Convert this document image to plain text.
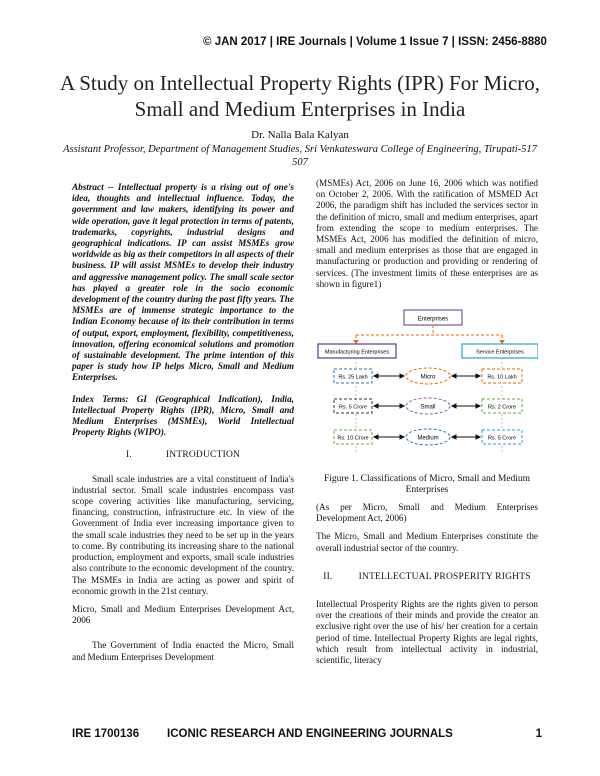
© JAN 2017 | IRE Journals | Volume 1 Issue 7 | ISSN: 2456-8880
A Study on Intellectual Property Rights (IPR) For Micro, Small and Medium Enterprises in India
Dr. Nalla Bala Kalyan
Assistant Professor, Department of Management Studies, Sri Venkateswara College of Engineering, Tirupati-517 507

Abstract -- Intellectual property is a rising out of one's idea, thoughts and intellectual influence. Today, the government and law makers, identifying its power and wide operation, gave it legal protection in terms of patents, trademarks, copyrights, industrial designs and geographical indications. IP can assist MSMEs grow worldwide as big as their competitors in all aspects of their business. IP will assist MSMEs to develop their industry and aggressive management policy. The small scale sector has played a greater role in the socio economic development of the country during the past fifty years. The MSMEs are of immense strategic importance to the Indian Economy because of its their contribution in terms of output, export, employment, flexibility, competitiveness, innovation, offering economical solutions and promotion of sustainable development. The prime intention of this paper is study how IP helps Micro, Small and Medium Enterprises.

Index Terms: GI (Geographical Indication), India, Intellectual Property Rights (IPR), Micro, Small and Medium Enterprises (MSMEs), World Intellectual Property Rights (WIPO).

I.	INTRODUCTION

Small scale industries are a vital constituent of India's industrial sector. Small scale industries encompass vast scope covering activities like manufacturing, servicing, financing, construction, infrastructure etc. In view of the Government of India ever increasing importance given to the small scale industries they need to be set up in the years to come. By contributing its increasing share to the national production, employment and exports, small scale industries also contribute to the economic development of the country. The MSMEs in India are acting as power and spirit of economic growth in the 21st century.

Micro, Small and Medium Enterprises Development Act, 2006

The Government of India enacted the Micro, Small and Medium Enterprises Development

(MSMEs) Act, 2006 on June 16, 2006 which was notified on October 2, 2006. With the ratification of MSMED Act 2006, the paradigm shift has included the services sector in the definition of micro, small and medium enterprises, apart from extending the scope to medium enterprises. The MSMEs Act, 2006 has modified the definition of micro, small and medium enterprises as those that are engaged in manufacturing or production and providing or rendering of services. (The investment limits of these enterprises are as shown in figure1)

Enterprises
Manufacturing Enterprises	Service Enterprises
Rs. 25 Lakh	Micro	Rs. 10 Lakh
Rs. 5 Crore	Small	Rs. 2 Crore
Rs. 10 Crore	Medium	Rs. 5 Crore
Figure 1. Classifications of Micro, Small and Medium Enterprises

(As per Micro, Small and Medium Enterprises Development Act, 2006)

The Micro, Small and Medium Enterprises constitute the overall industrial sector of the country.

II.	INTELLECTUAL PROSPERITY RIGHTS

Intellectual Prosperity Rights are the rights given to person over the creations of their minds and provide the creator an exclusive right over the use of his/ her creation for a certain period of time. Intellectual Property Rights are legal rights, which result from intellectual activity in industrial, scientific, literacy

IRE 1700136 ICONIC RESEARCH AND ENGINEERING JOURNALS	1
